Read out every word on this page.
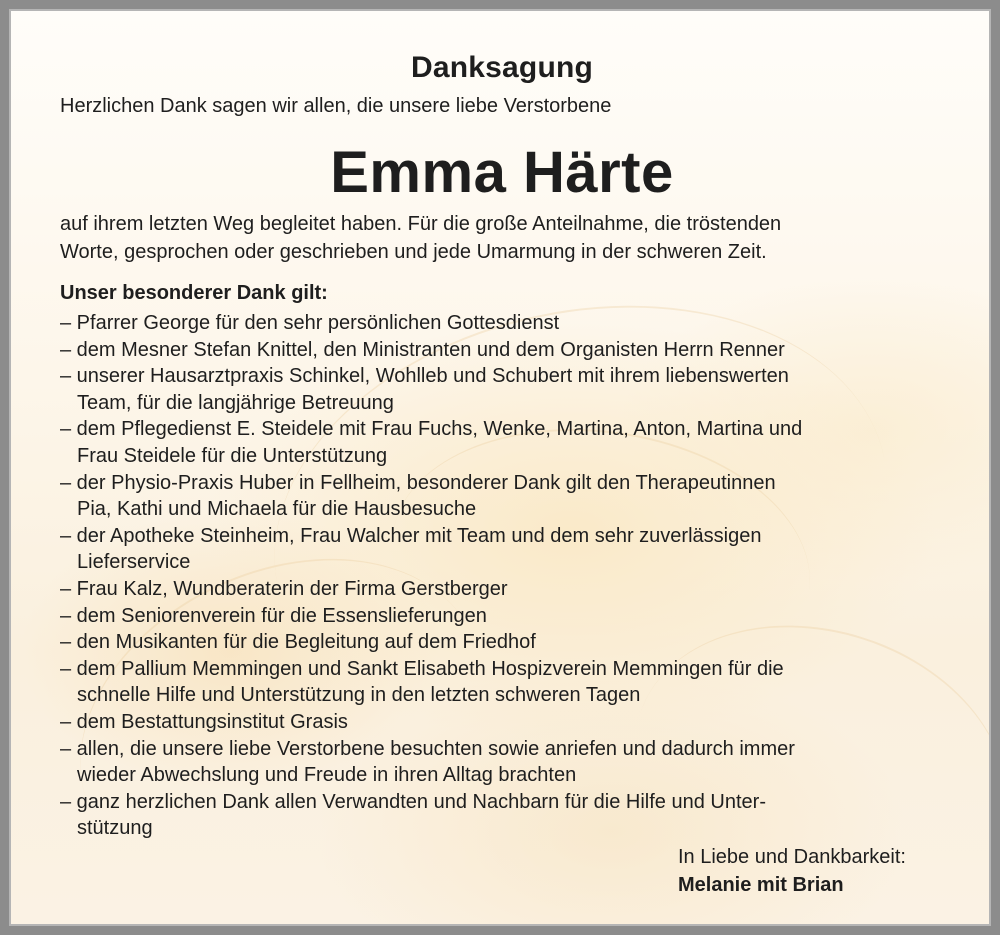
Danksagung
Herzlichen Dank sagen wir allen, die unsere liebe Verstorbene
Emma Härte

auf ihrem letzten Weg begleitet haben. Für die große Anteilnahme, die tröstenden
Worte, gesprochen oder geschrieben und jede Umarmung in der schweren Zeit.

Unser besonderer Dank gilt:
– Pfarrer George für den sehr persönlichen Gottesdienst
– dem Mesner Stefan Knittel, den Ministranten und dem Organisten Herrn Renner
– unserer Hausarztpraxis Schinkel, Wohlleb und Schubert mit ihrem liebenswerten
Team, für die langjährige Betreuung
– dem Pflegedienst E. Steidele mit Frau Fuchs, Wenke, Martina, Anton, Martina und
Frau Steidele für die Unterstützung
– der Physio-Praxis Huber in Fellheim, besonderer Dank gilt den Therapeutinnen
Pia, Kathi und Michaela für die Hausbesuche
– der Apotheke Steinheim, Frau Walcher mit Team und dem sehr zuverlässigen
Lieferservice
– Frau Kalz, Wundberaterin der Firma Gerstberger
– dem Seniorenverein für die Essenslieferungen
– den Musikanten für die Begleitung auf dem Friedhof
– dem Pallium Memmingen und Sankt Elisabeth Hospizverein Memmingen für die
schnelle Hilfe und Unterstützung in den letzten schweren Tagen
– dem Bestattungsinstitut Grasis
– allen, die unsere liebe Verstorbene besuchten sowie anriefen und dadurch immer
wieder Abwechslung und Freude in ihren Alltag brachten
– ganz herzlichen Dank allen Verwandten und Nachbarn für die Hilfe und Unter-
stützung
In Liebe und Dankbarkeit:
Melanie mit Brian
